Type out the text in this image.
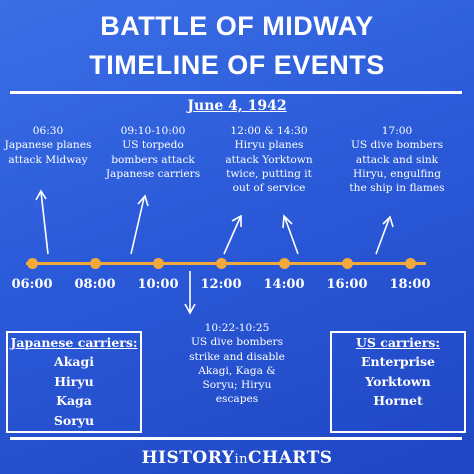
BATTLE OF MIDWAY
TIMELINE OF EVENTS
June 4, 1942
06:30
Japanese planes
attack Midway
09:10-10:00
US torpedo
bombers attack
Japanese carriers
12:00 & 14:30
Hiryu planes
attack Yorktown
twice, putting it
out of service
17:00
US dive bombers
attack and sink
Hiryu, engulfing
the ship in flames
10:22-10:25
US dive bombers
strike and disable
Akagi, Kaga &
Soryu; Hiryu
escapes
06:00 08:00 10:00 12:00 14:00 16:00 18:00
Japanese carriers:
Akagi
Hiryu
Kaga
Soryu
US carriers:
Enterprise
Yorktown
Hornet
HISTORYinCHARTS
